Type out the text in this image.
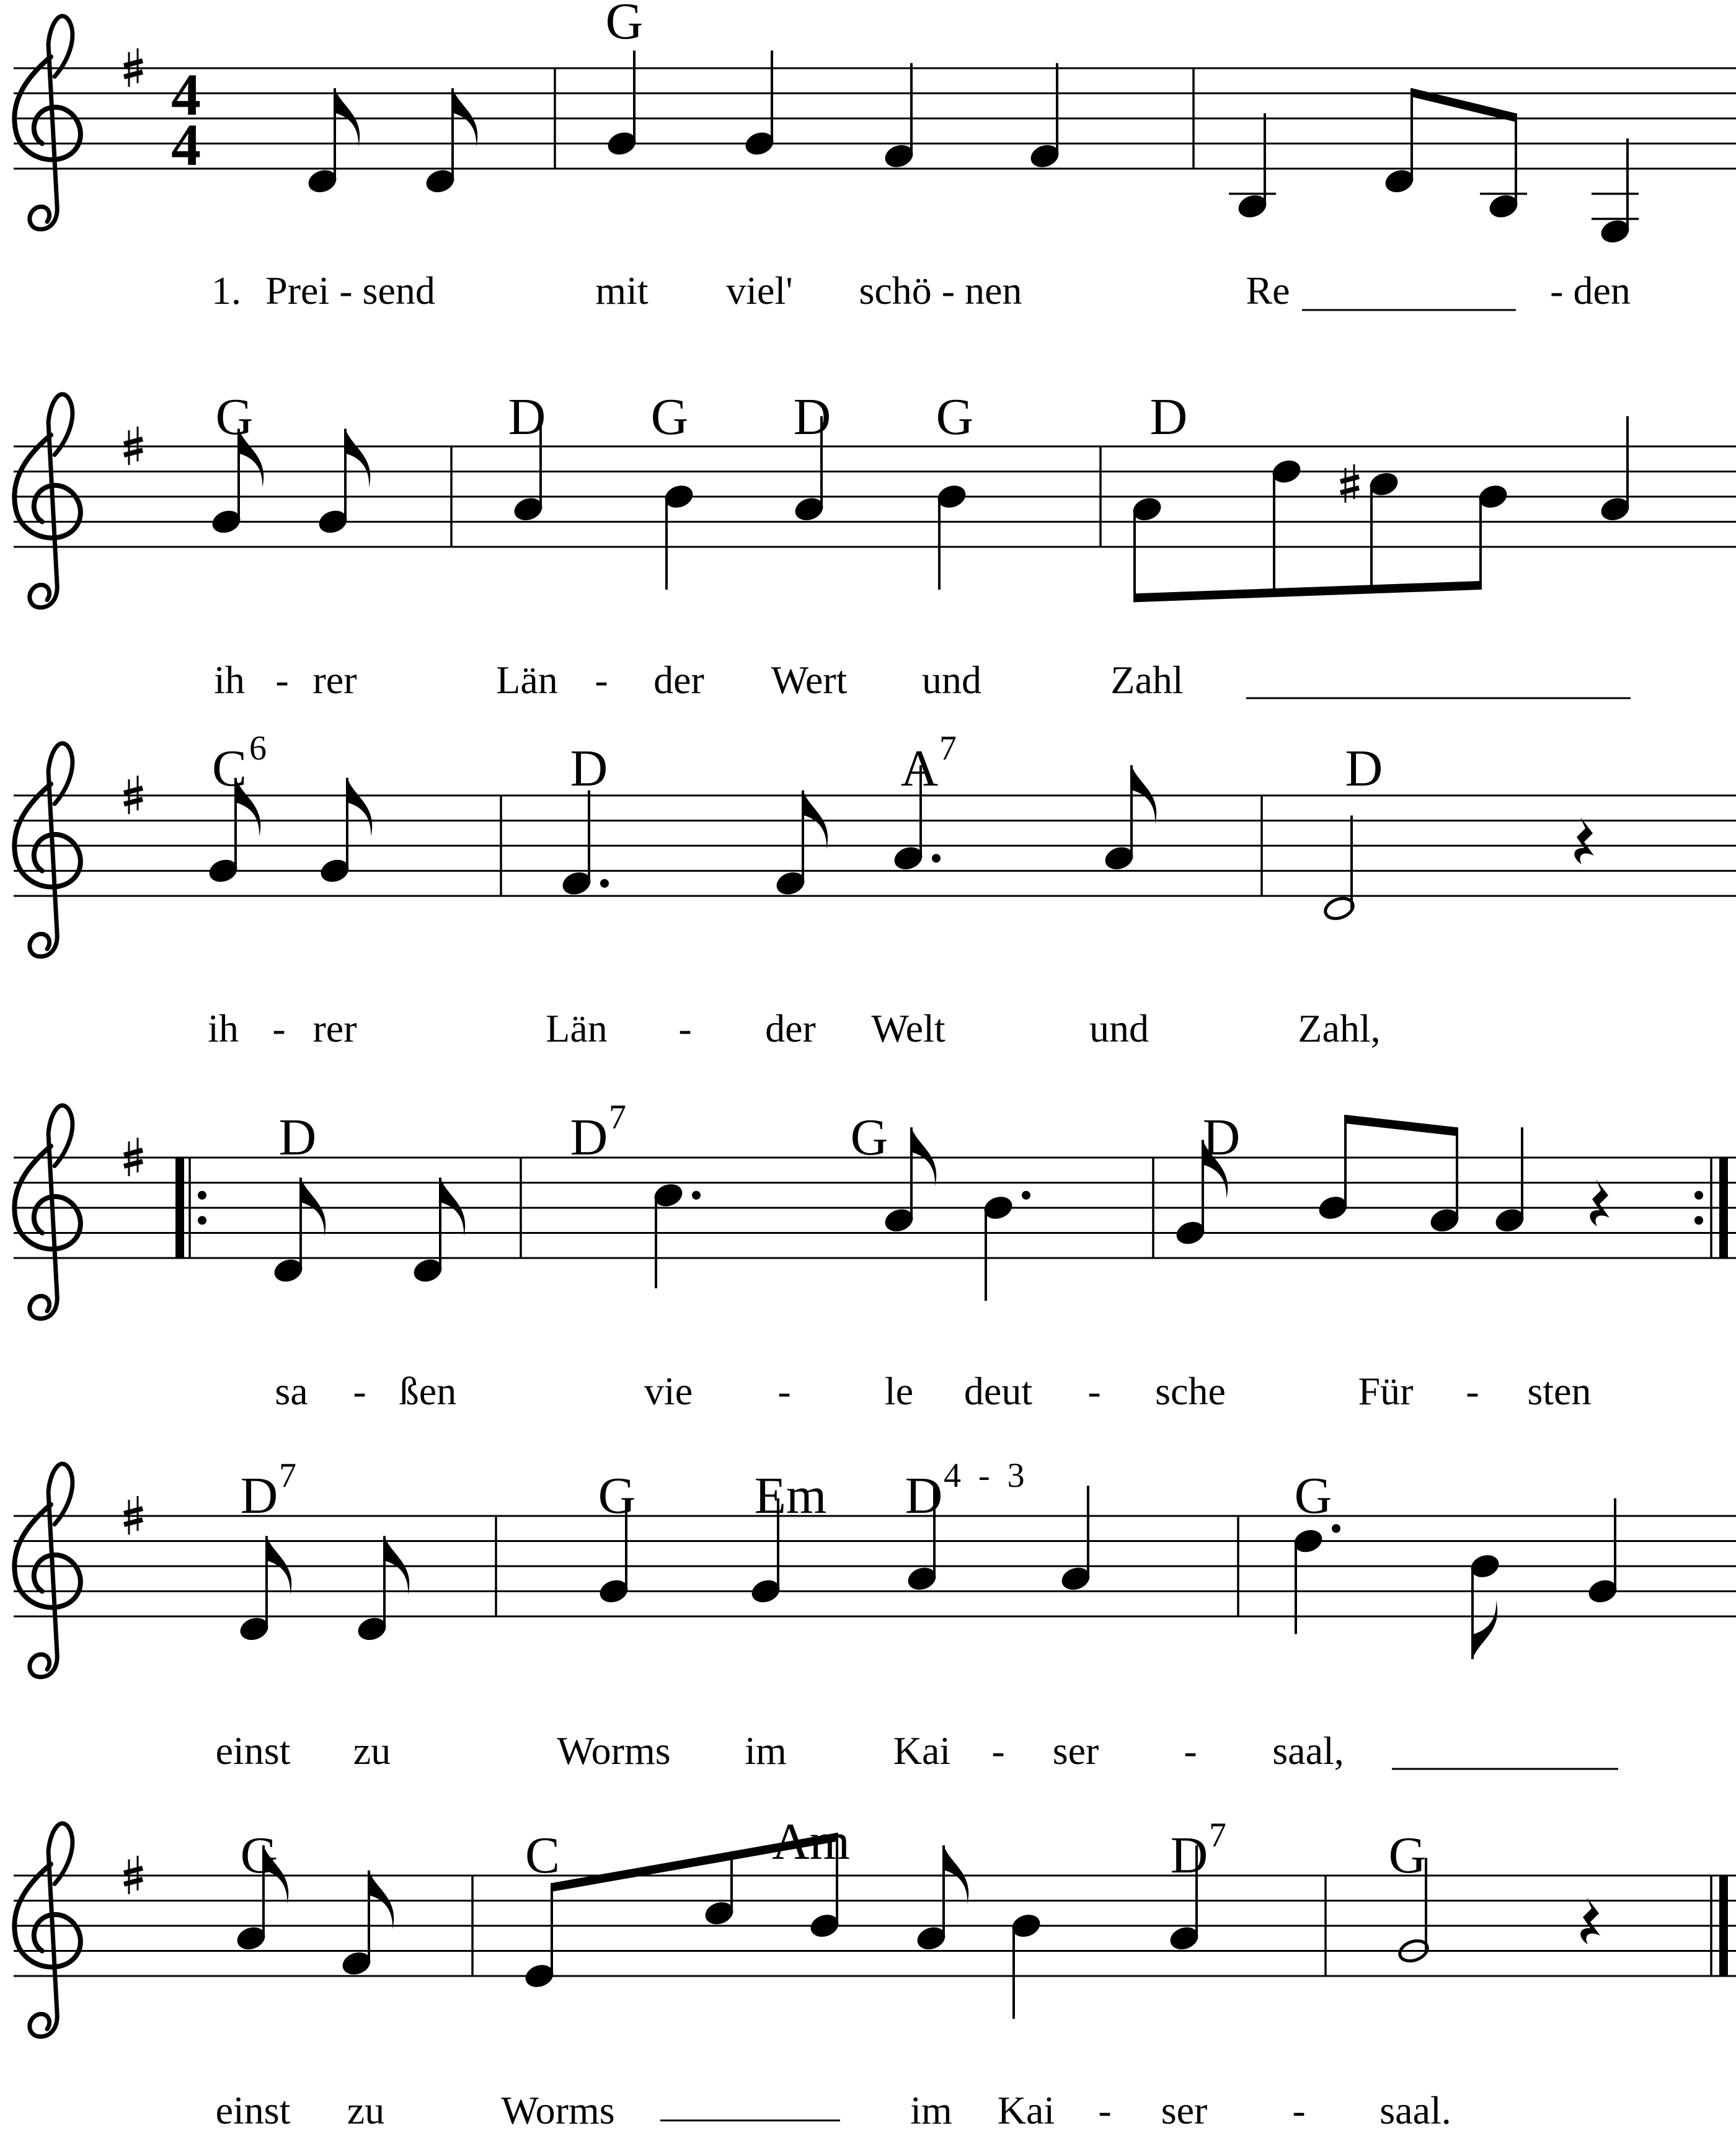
4
4
G
G	D G D G	D
C 6	D	A 7	D
D	D 7	G	D
D 7	G Em D 4  -  3	G
G	C	Am	D 7	G
1. Prei - send	mit viel' schö - nen	Re	- den
ih - rer	Län - der Wert und	Zahl
ih - rer	Län - der Welt	und	Zahl,
sa - ßen	vie - le deut - sche	Für - sten
einst zu	Worms im	Kai - ser - saal,
einst zu	Worms	im Kai - ser - saal.
